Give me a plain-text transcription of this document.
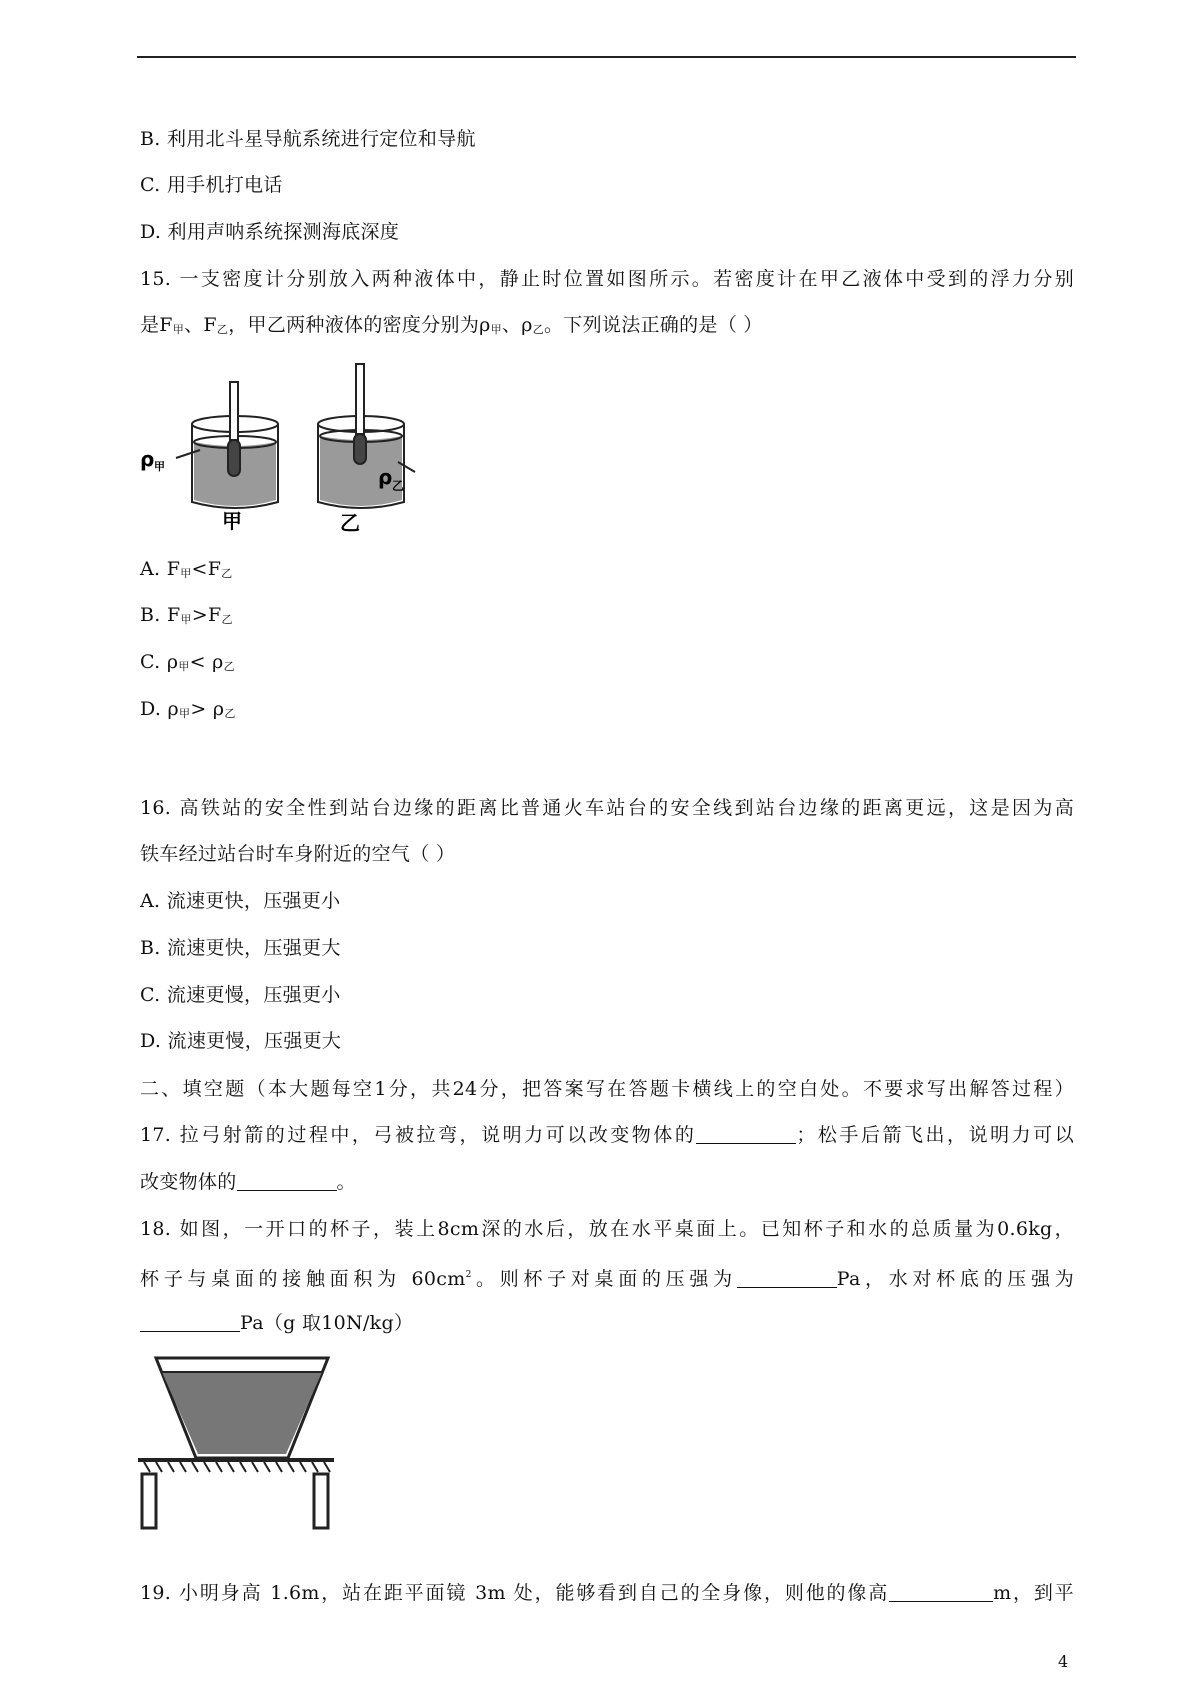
B. 利用北斗星导航系统进行定位和导航
C. 用手机打电话
D. 利用声呐系统探测海底深度
15. 一支密度计分别放入两种液体中，静止时位置如图所示。若密度计在甲乙液体中受到的浮力分别
是$F_甲$、$F_乙$，甲乙两种液体的密度分别为$\rho_甲$、$\rho_乙$。下列说法正确的是（ ）
ρ 甲	ρ 乙
甲	乙
A. $F_甲<F_乙$
B. $F_甲>F_乙$
C. $\rho_甲< \rho_乙$
D. $\rho_甲> \rho_乙$
16. 高铁站的安全性到站台边缘的距离比普通火车站台的安全线到站台边缘的距离更远，这是因为高
铁车经过站台时车身附近的空气（ ）
A. 流速更快，压强更小
B. 流速更快，压强更大
C. 流速更慢，压强更小
D. 流速更慢，压强更大
二、填空题（本大题每空1分，共24分，把答案写在答题卡横线上的空白处。不要求写出解答过程）
17. 拉弓射箭的过程中，弓被拉弯，说明力可以改变物体的	；松手后箭飞出，说明力可以
改变物体的	。
18. 如图，一开口的杯子，装上8cm深的水后，放在水平桌面上。已知杯子和水的总质量为0.6kg，
杯子与桌面的接触面积为 $60cm^2$。则杯子对桌面的压强为	Pa，水对杯底的压强为
Pa（g 取10N/kg）
19. 小明身高 1.6m，站在距平面镜 3m 处，能够看到自己的全身像，则他的像高	m，到平
4
